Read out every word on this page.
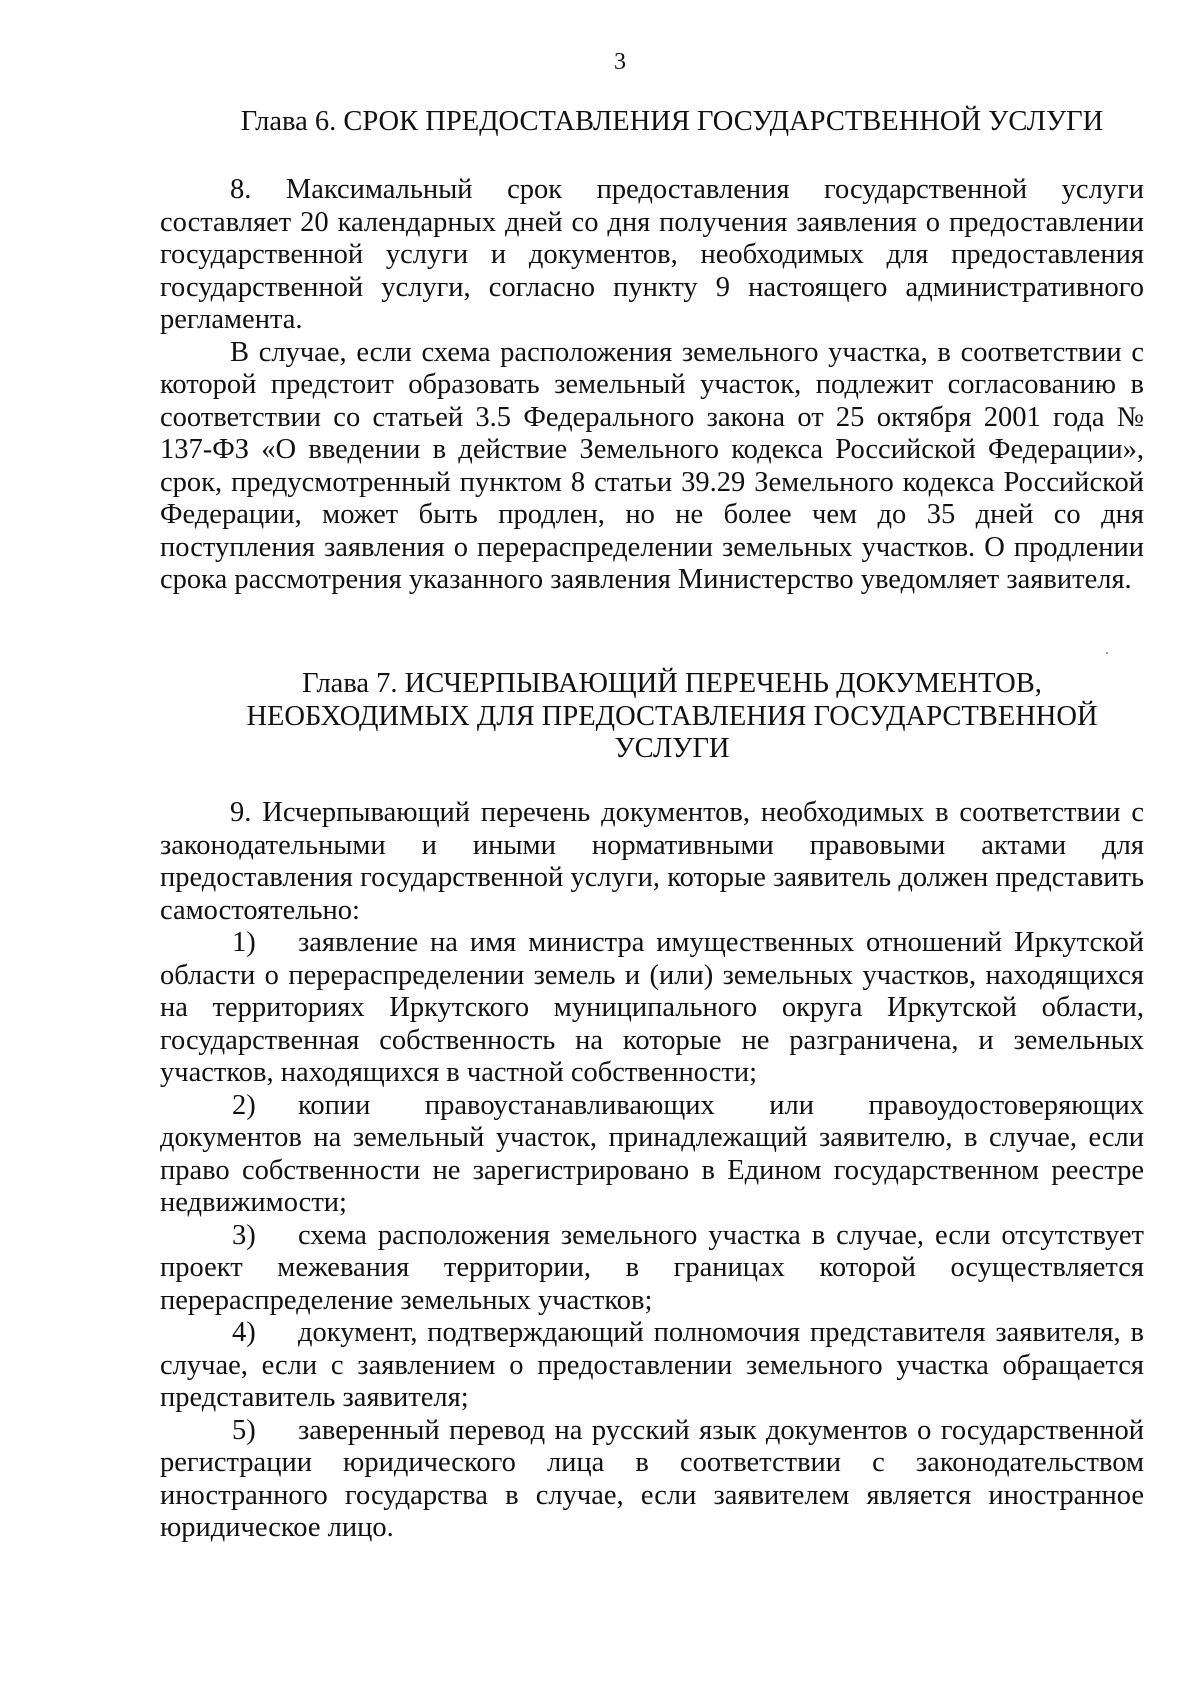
3
Глава 6. СРОК ПРЕДОСТАВЛЕНИЯ ГОСУДАРСТВЕННОЙ УСЛУГИ

8. Максимальный срок предоставления государственной услуги составляет 20 календарных дней со дня получения заявления о предоставлении государственной услуги и документов, необходимых для предоставления государственной услуги, согласно пункту 9 настоящего административного регламента.

В случае, если схема расположения земельного участка, в соответствии с которой предстоит образовать земельный участок, подлежит согласованию в соответствии со статьей 3.5 Федерального закона от 25 октября 2001 года № 137-ФЗ «О введении в действие Земельного кодекса Российской Федерации», срок, предусмотренный пунктом 8 статьи 39.29 Земельного кодекса Российской Федерации, может быть продлен, но не более чем до 35 дней со дня поступления заявления о перераспределении земельных участков. О продлении срока рассмотрения указанного заявления Министерство уведомляет заявителя.

Глава 7. ИСЧЕРПЫВАЮЩИЙ ПЕРЕЧЕНЬ ДОКУМЕНТОВ,
НЕОБХОДИМЫХ ДЛЯ ПРЕДОСТАВЛЕНИЯ ГОСУДАРСТВЕННОЙ
УСЛУГИ

9. Исчерпывающий перечень документов, необходимых в соответствии с законодательными и иными нормативными правовыми актами для предоставления государственной услуги, которые заявитель должен представить самостоятельно:

1) заявление на имя министра имущественных отношений Иркутской области о перераспределении земель и (или) земельных участков, находящихся на территориях Иркутского муниципального округа Иркутской области, государственная собственность на которые не разграничена, и земельных участков, находящихся в частной собственности;

2) копии правоустанавливающих или правоудостоверяющих документов на земельный участок, принадлежащий заявителю, в случае, если право собственности не зарегистрировано в Едином государственном реестре недвижимости;

3) схема расположения земельного участка в случае, если отсутствует проект межевания территории, в границах которой осуществляется перераспределение земельных участков;

4) документ, подтверждающий полномочия представителя заявителя, в случае, если с заявлением о предоставлении земельного участка обращается представитель заявителя;

5) заверенный перевод на русский язык документов о государственной регистрации юридического лица в соответствии с законодательством иностранного государства в случае, если заявителем является иностранное юридическое лицо.
